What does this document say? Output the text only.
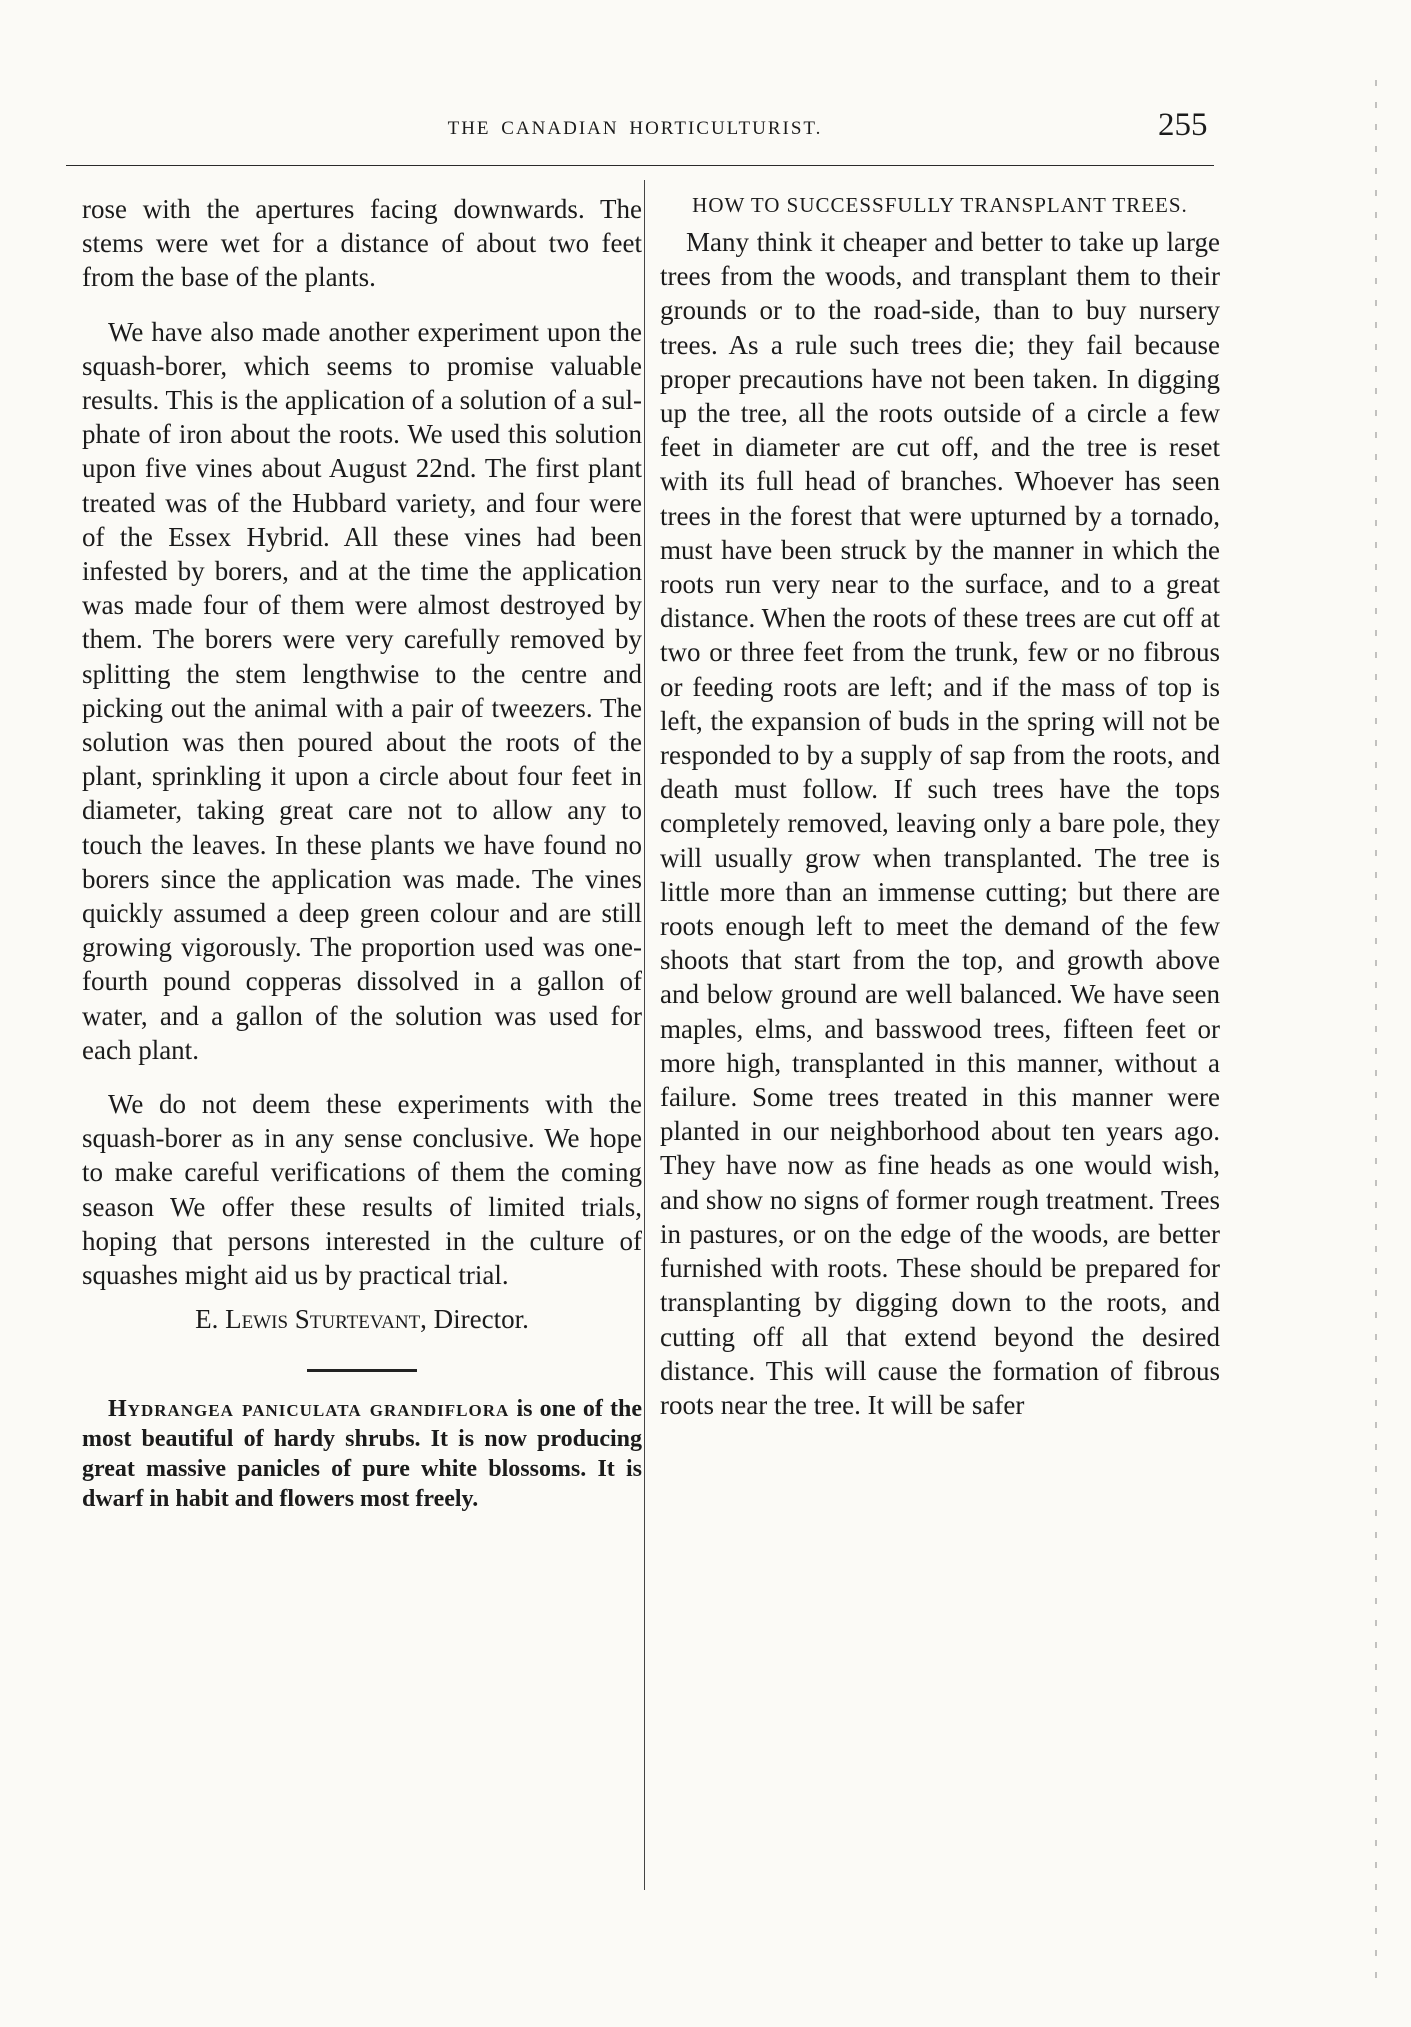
THE CANADIAN HORTICULTURIST.	255

rose with the apertures facing downwards. The stems were wet for a distance of about two feet from the base of the plants.

We have also made another experiment upon the squash-borer, which seems to promise valuable results. This is the application of a solution of a sulphate of iron about the roots. We used this solution upon five vines about August 22nd. The first plant treated was of the Hubbard variety, and four were of the Essex Hybrid. All these vines had been infested by borers, and at the time the application was made four of them were almost destroyed by them. The borers were very carefully removed by splitting the stem lengthwise to the centre and picking out the animal with a pair of tweezers. The solution was then poured about the roots of the plant, sprinkling it upon a circle about four feet in diameter, taking great care not to allow any to touch the leaves. In these plants we have found no borers since the application was made. The vines quickly assumed a deep green colour and are still growing vigorously. The proportion used was one-fourth pound copperas dissolved in a gallon of water, and a gallon of the solution was used for each plant.

We do not deem these experiments with the squash-borer as in any sense conclusive. We hope to make careful verifications of them the coming season We offer these results of limited trials, hoping that persons interested in the culture of squashes might aid us by practical trial.

E. Lewis Sturtevant, Director.

Hydrangea paniculata grandiflora is one of the most beautiful of hardy shrubs. It is now producing great massive panicles of pure white blossoms. It is dwarf in habit and flowers most freely.

HOW TO SUCCESSFULLY TRANSPLANT TREES.

Many think it cheaper and better to take up large trees from the woods, and transplant them to their grounds or to the road-side, than to buy nursery trees. As a rule such trees die; they fail because proper precautions have not been taken. In digging up the tree, all the roots outside of a circle a few feet in diameter are cut off, and the tree is reset with its full head of branches. Whoever has seen trees in the forest that were upturned by a tornado, must have been struck by the manner in which the roots run very near to the surface, and to a great distance. When the roots of these trees are cut off at two or three feet from the trunk, few or no fibrous or feeding roots are left; and if the mass of top is left, the expansion of buds in the spring will not be responded to by a supply of sap from the roots, and death must follow. If such trees have the tops completely removed, leaving only a bare pole, they will usually grow when transplanted. The tree is little more than an immense cutting; but there are roots enough left to meet the demand of the few shoots that start from the top, and growth above and below ground are well balanced. We have seen maples, elms, and basswood trees, fifteen feet or more high, transplanted in this manner, without a failure. Some trees treated in this manner were planted in our neighborhood about ten years ago. They have now as fine heads as one would wish, and show no signs of former rough treatment. Trees in pastures, or on the edge of the woods, are better furnished with roots. These should be prepared for transplanting by digging down to the roots, and cutting off all that extend beyond the desired distance. This will cause the formation of fibrous roots near the tree. It will be safer
